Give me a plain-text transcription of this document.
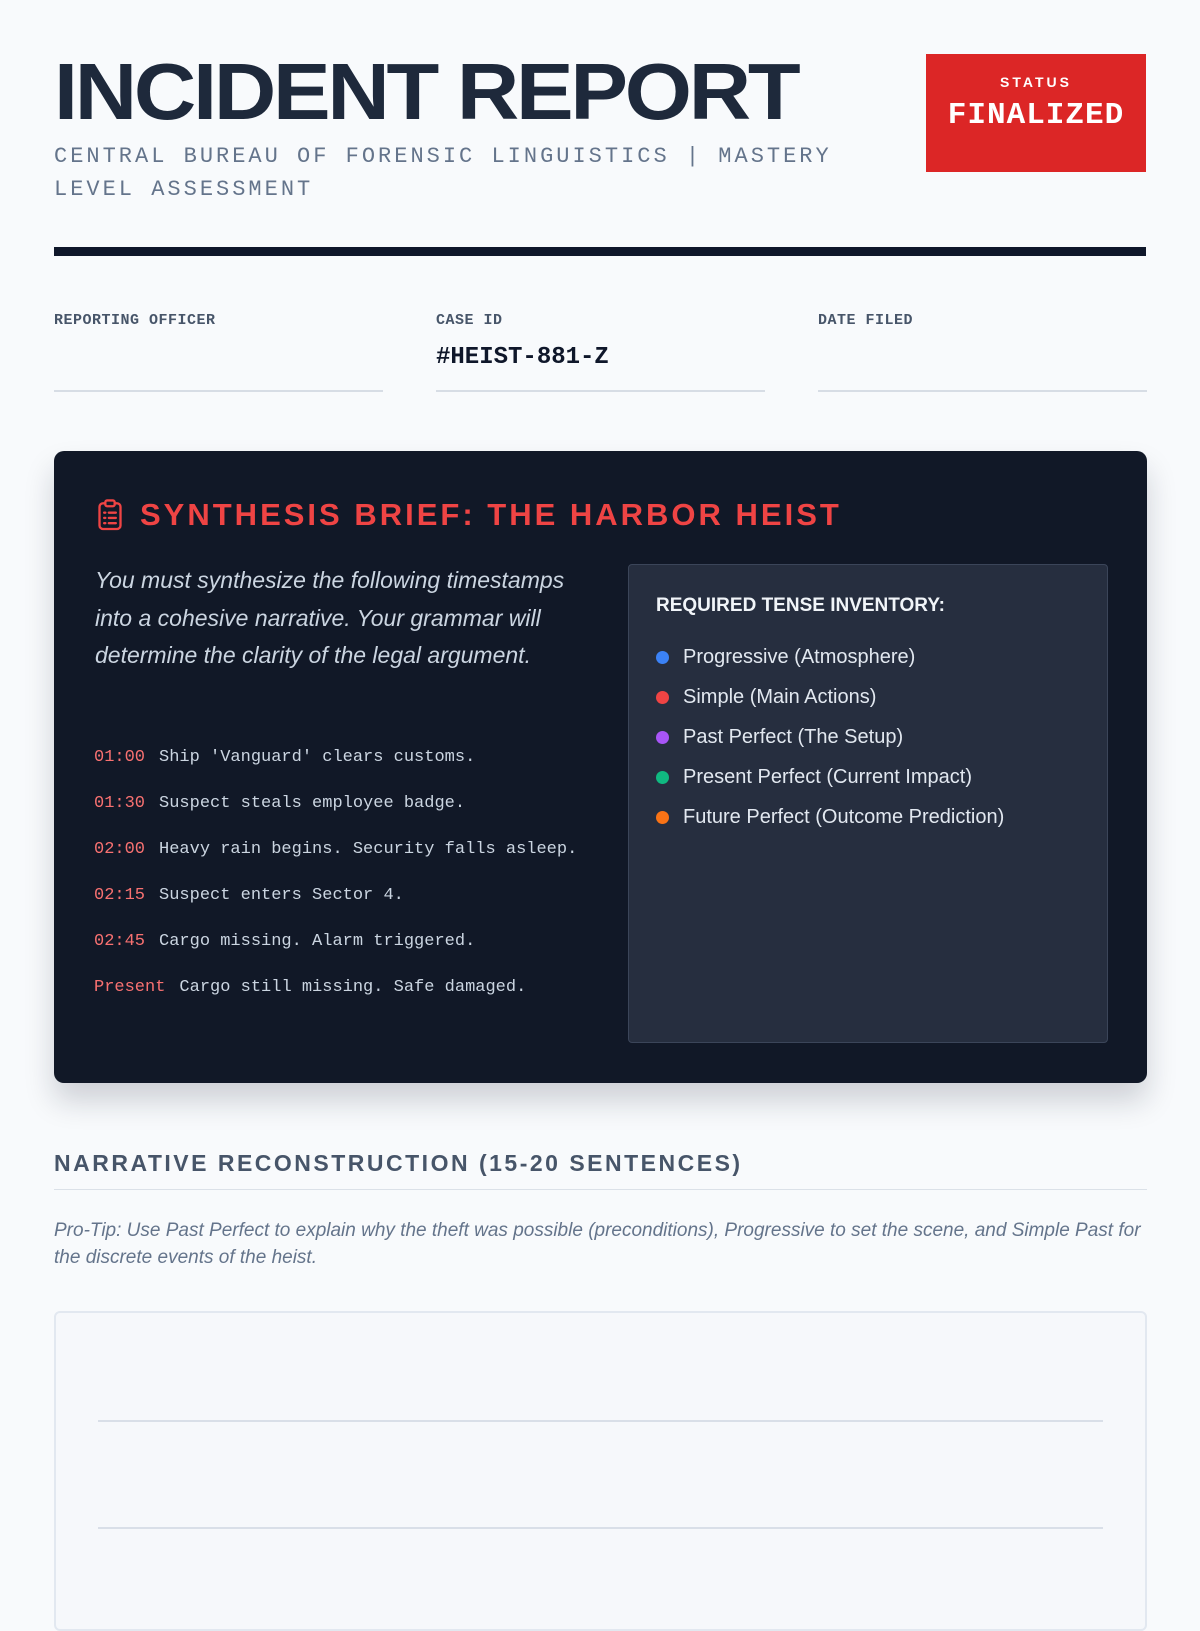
INCIDENT REPORT
CENTRAL BUREAU OF FORENSIC LINGUISTICS | MASTERY LEVEL ASSESSMENT
STATUS
FINALIZED
REPORTING OFFICER	CASE ID
#HEIST-881-Z
DATE FILED
SYNTHESIS BRIEF: THE HARBOR HEIST

You must synthesize the following timestamps into a cohesive narrative. Your grammar will determine the clarity of the legal argument.

01:00 Ship 'Vanguard' clears customs.
01:30 Suspect steals employee badge.
02:00 Heavy rain begins. Security falls asleep.
02:15 Suspect enters Sector 4.
02:45 Cargo missing. Alarm triggered.
Present Cargo still missing. Safe damaged.
REQUIRED TENSE INVENTORY:
Progressive (Atmosphere)
Simple (Main Actions)
Past Perfect (The Setup)
Present Perfect (Current Impact)
Future Perfect (Outcome Prediction)
NARRATIVE RECONSTRUCTION (15-20 SENTENCES)

Pro-Tip: Use Past Perfect to explain why the theft was possible (preconditions), Progressive to set the scene, and Simple Past for the discrete events of the heist.
